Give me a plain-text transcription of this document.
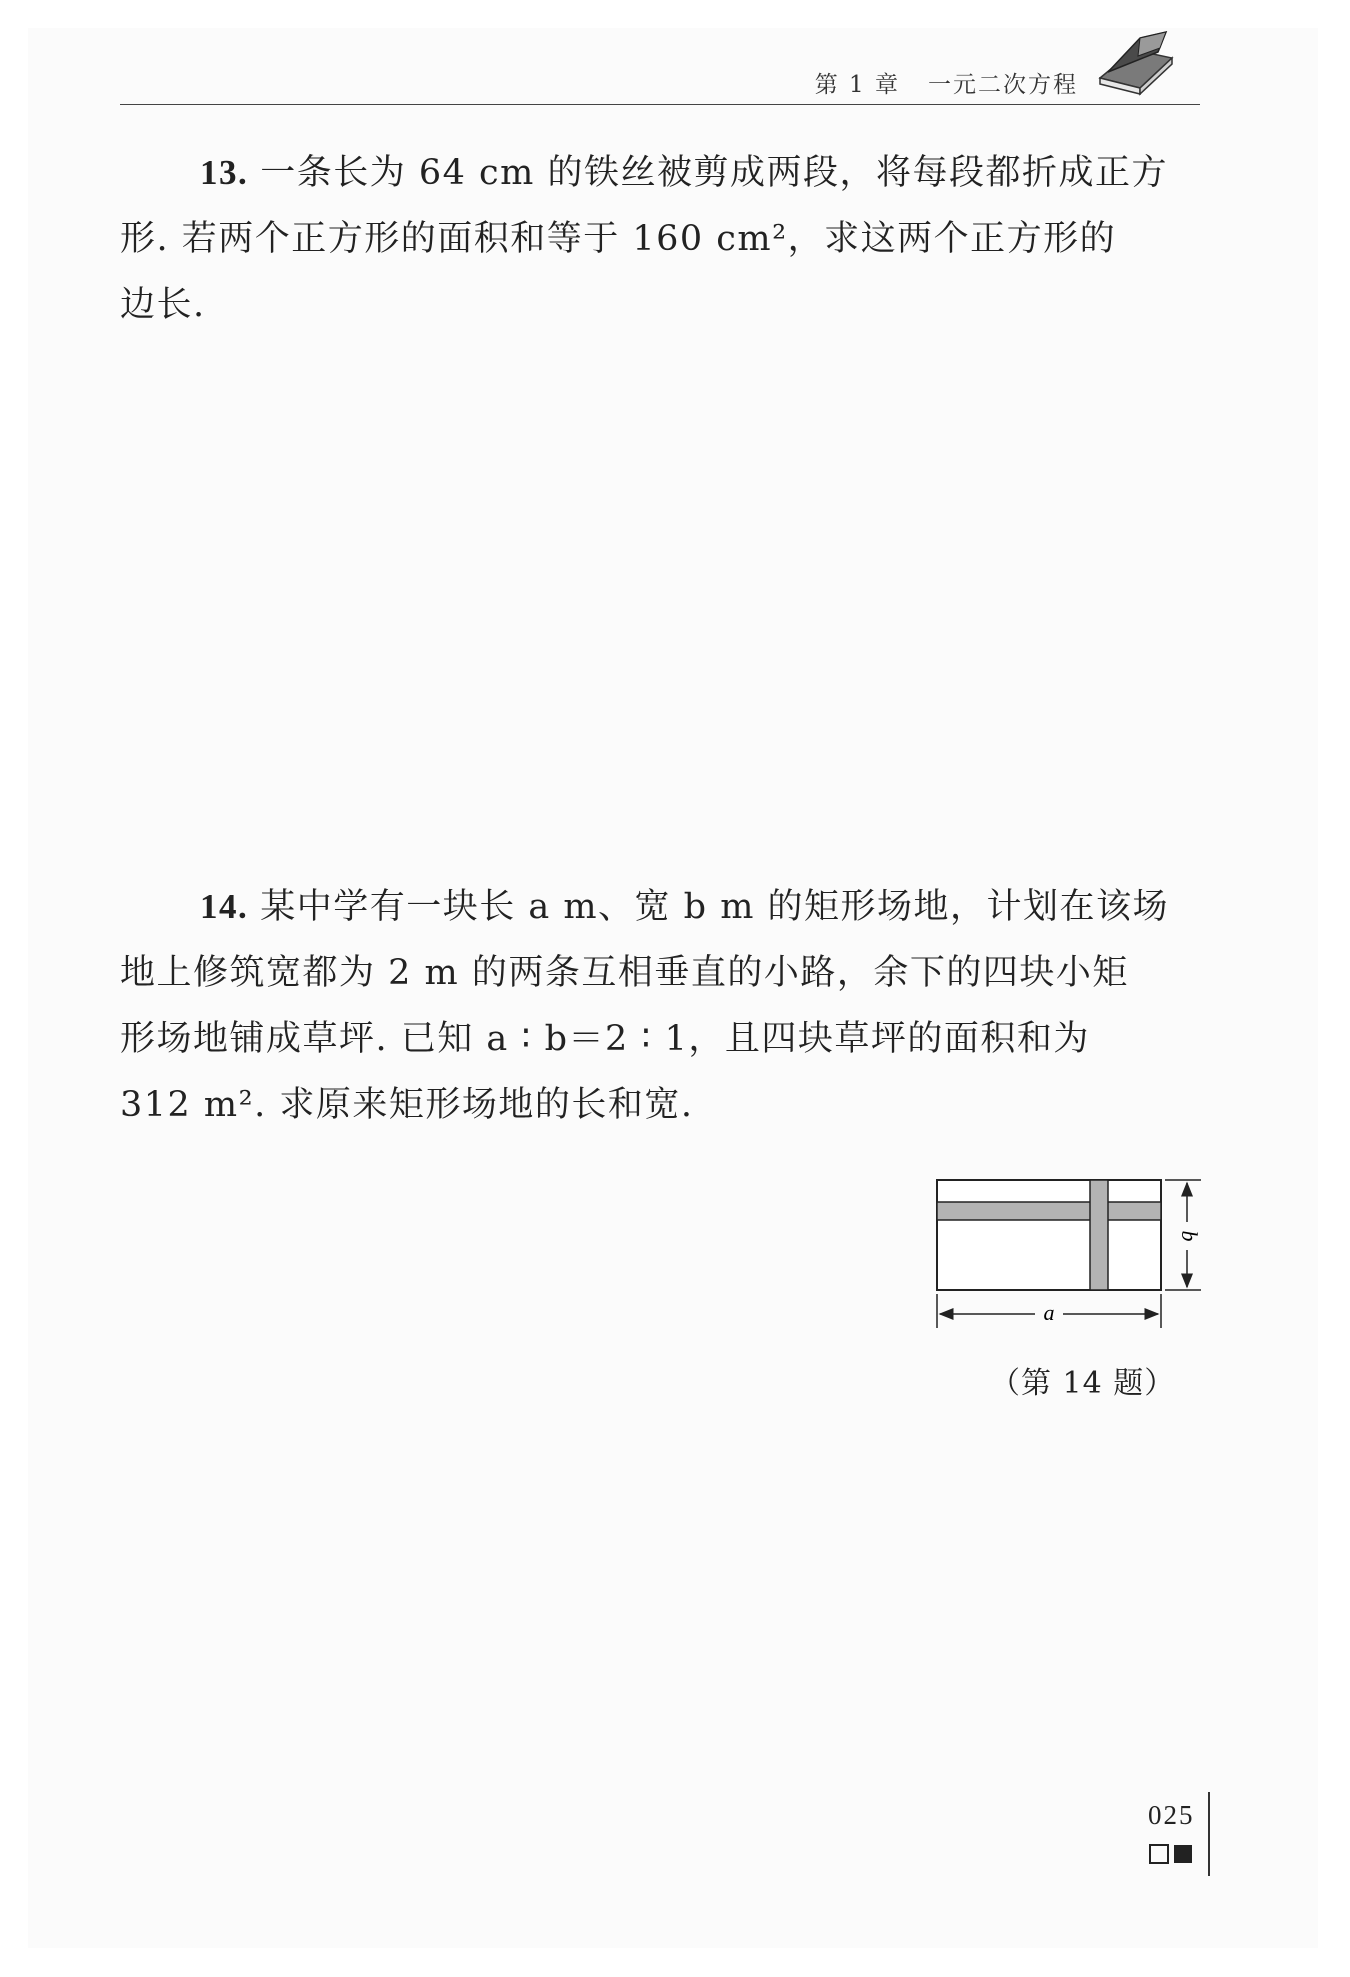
第 1 章 一元二次方程
13. 一条长为 64 cm 的铁丝被剪成两段，将每段都折成正方
形. 若两个正方形的面积和等于 160 cm²，求这两个正方形的
边长.
14. 某中学有一块长 a m、宽 b m 的矩形场地，计划在该场
地上修筑宽都为 2 m 的两条互相垂直的小路，余下的四块小矩
形场地铺成草坪. 已知 a ∶ b＝2 ∶ 1，且四块草坪的面积和为
312 m². 求原来矩形场地的长和宽.
b
a
（第 14 题）
025
